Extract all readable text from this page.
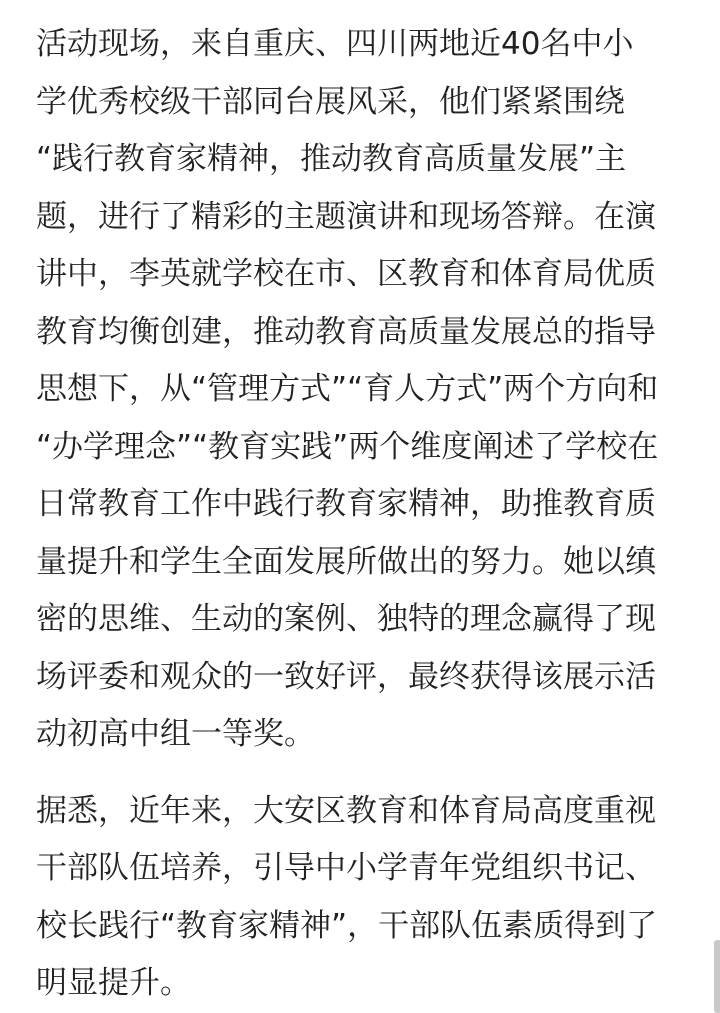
活动现场，来自重庆、四川两地近40名中小
学优秀校级干部同台展风采，他们紧紧围绕
“践行教育家精神，推动教育高质量发展”主
题，进行了精彩的主题演讲和现场答辩。在演
讲中，李英就学校在市、区教育和体育局优质
教育均衡创建，推动教育高质量发展总的指导
思想下，从“管理方式”“育人方式”两个方向和
“办学理念”“教育实践”两个维度阐述了学校在
日常教育工作中践行教育家精神，助推教育质
量提升和学生全面发展所做出的努力。她以缜
密的思维、生动的案例、独特的理念赢得了现
场评委和观众的一致好评，最终获得该展示活
动初高中组一等奖。
据悉，近年来，大安区教育和体育局高度重视
干部队伍培养，引导中小学青年党组织书记、
校长践行“教育家精神”，干部队伍素质得到了
明显提升。
